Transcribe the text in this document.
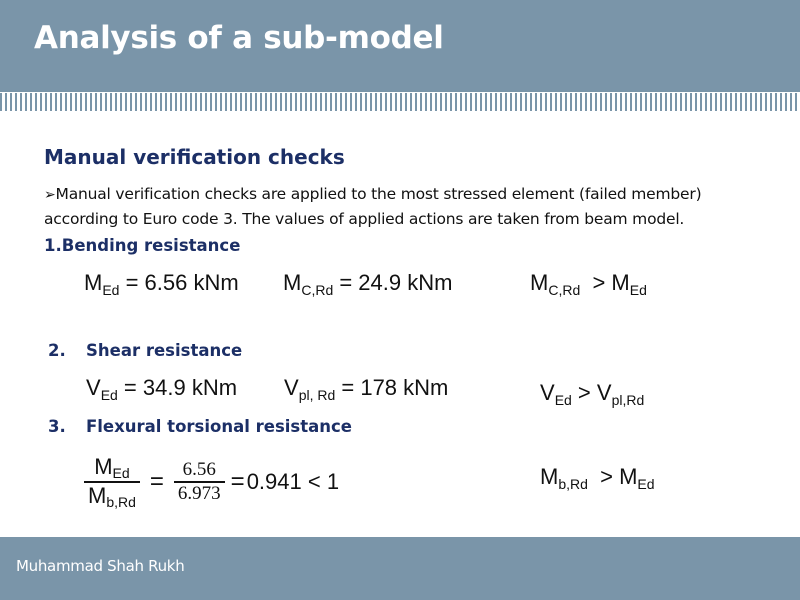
Analysis of a sub-model
Manual verification checks
➢Manual verification checks are applied to the most stressed element (failed member) according to Euro code 3. The values of applied actions are taken from beam model.
1.Bending resistance
$M_{Ed} = 6.56$ kNm $M_{C,Rd} = 24.9$ kNm	$M_{C,Rd} > M_{Ed}$
2. Shear resistance
$V_{Ed} = 34.9$ kNm $V_{pl, Rd} = 178$ kNm	$V_{Ed} > V_{pl,Rd}$
3. Flexural torsional resistance
$\frac{M_{Ed}}{M_{b,Rd}} = \frac{6.56}{6.973} = 0.941 < 1$	$M_{b,Rd} > M_{Ed}$
Muhammad Shah Rukh
